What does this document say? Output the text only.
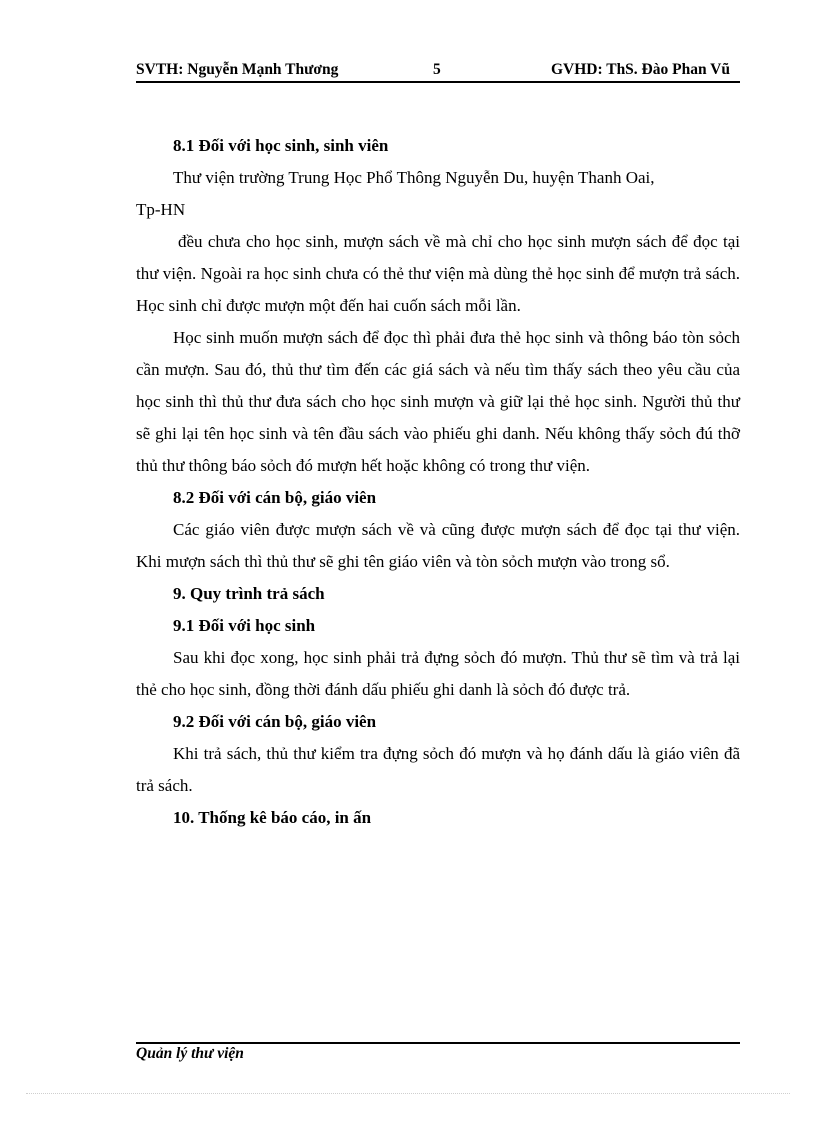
SVTH: Nguyễn Mạnh Thương	5	GVHD: ThS. Đào Phan Vũ

8.1 Đối với học sinh, sinh viên

Thư viện trường Trung Học Phổ Thông Nguyễn Du, huyện Thanh Oai,

Tp-HN

đều chưa cho học sinh, mượn sách về mà chỉ cho học sinh mượn sách để đọc tại thư viện. Ngoài ra học sinh chưa có thẻ thư viện mà dùng thẻ học sinh để mượn trả sách. Học sinh chỉ được mượn một đến hai cuốn sách mỗi lần.

Học sinh muốn mượn sách để đọc thì phải đưa thẻ học sinh và thông báo tòn sỏch cần mượn. Sau đó, thủ thư tìm đến các giá sách và nếu tìm thấy sách theo yêu cầu của học sinh thì thủ thư đưa sách cho học sinh mượn và giữ lại thẻ học sinh. Người thủ thư sẽ ghi lại tên học sinh và tên đầu sách vào phiếu ghi danh. Nếu không thấy sỏch đú thỡ thủ thư thông báo sỏch đó mượn hết hoặc không có trong thư viện.

8.2 Đối với cán bộ, giáo viên

Các giáo viên được mượn sách về và cũng được mượn sách để đọc tại thư viện. Khi mượn sách thì thủ thư sẽ ghi tên giáo viên và tòn sỏch mượn vào trong sổ.

9. Quy trình trả sách

9.1 Đối với học sinh

Sau khi đọc xong, học sinh phải trả đựng sỏch đó mượn. Thủ thư sẽ tìm và trả lại thẻ cho học sinh, đồng thời đánh dấu phiếu ghi danh là sỏch đó được trả.

9.2 Đối với cán bộ, giáo viên

Khi trả sách, thủ thư kiểm tra đựng sỏch đó mượn và họ đánh dấu là giáo viên đã trả sách.

10. Thống kê báo cáo, in ấn

Quản lý thư viện
